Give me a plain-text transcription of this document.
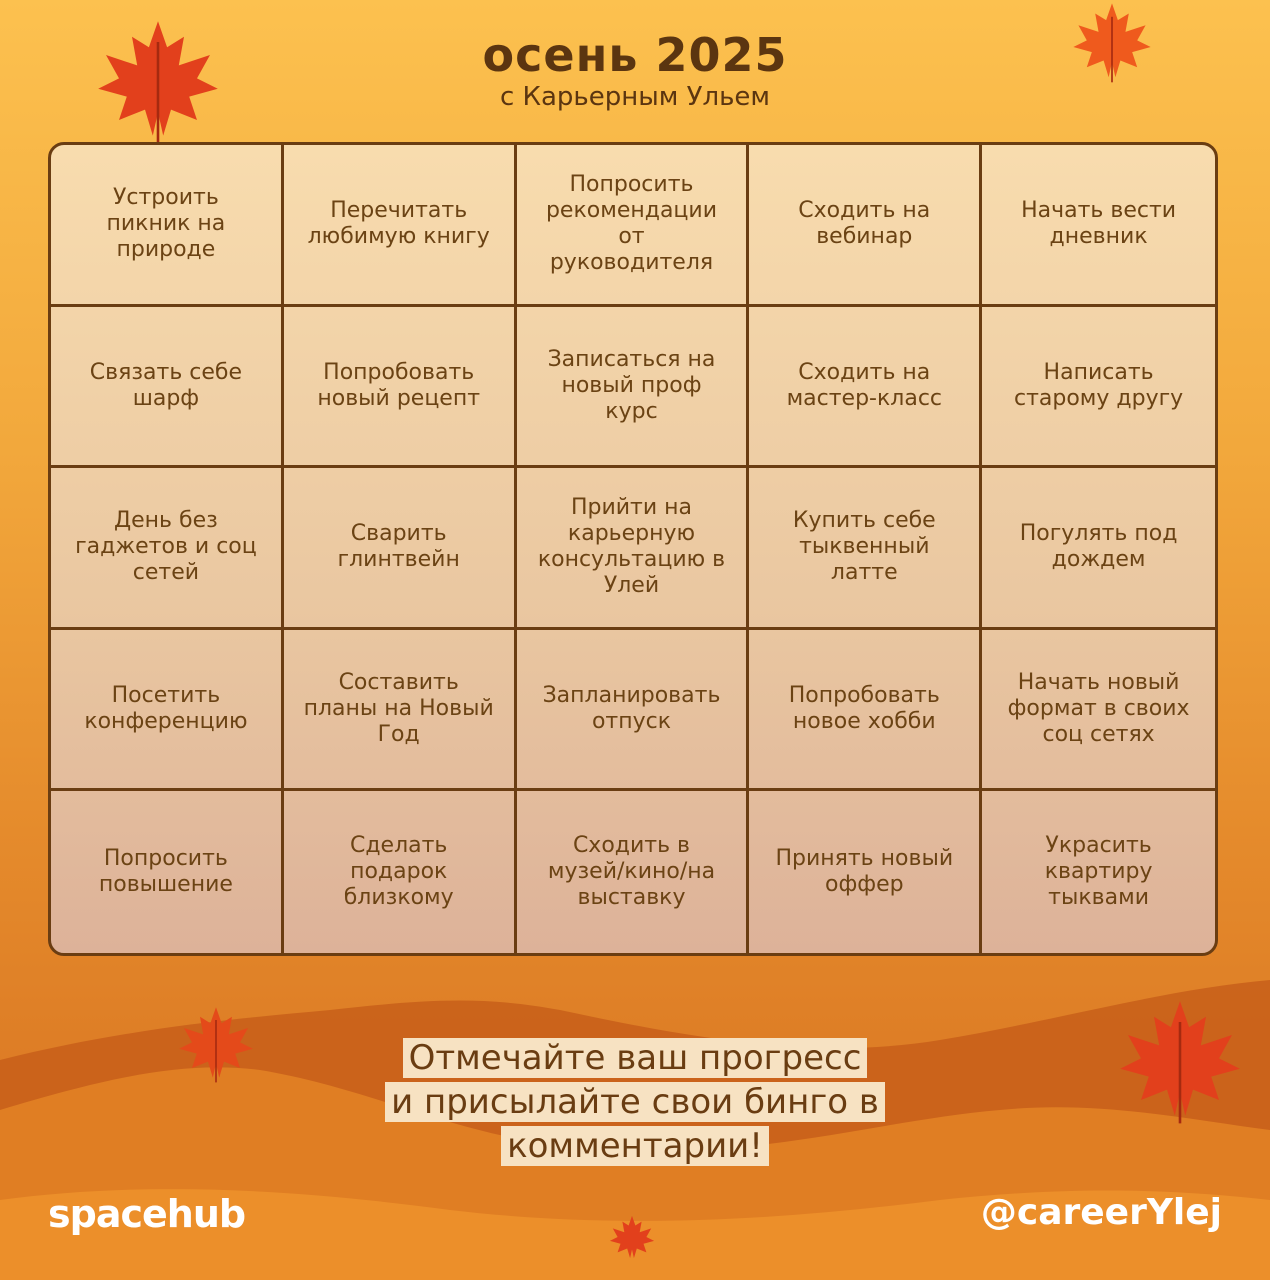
осень 2025
с Карьерным Ульем
Устроить пикник на природе
Перечитать любимую книгу
Попросить рекомендации от руководителя
Сходить на вебинар
Начать вести дневник
Связать себе шарф
Попробовать новый рецепт
Записаться на новый проф курс
Сходить на мастер-класс
Написать старому другу
День без гаджетов и соц сетей
Сварить глинтвейн
Прийти на карьерную консультацию в Улей
Купить себе тыквенный латте
Погулять под дождем
Посетить конференцию
Составить планы на Новый Год
Запланировать отпуск
Попробовать новое хобби
Начать новый формат в своих соц сетях
Попросить повышение
Сделать подарок близкому
Сходить в музей/кино/на выставку
Принять новый оффер
Украсить квартиру тыквами
Отмечайте ваш прогресс
и присылайте свои бинго в
комментарии!
spacehub	@careerYlej
